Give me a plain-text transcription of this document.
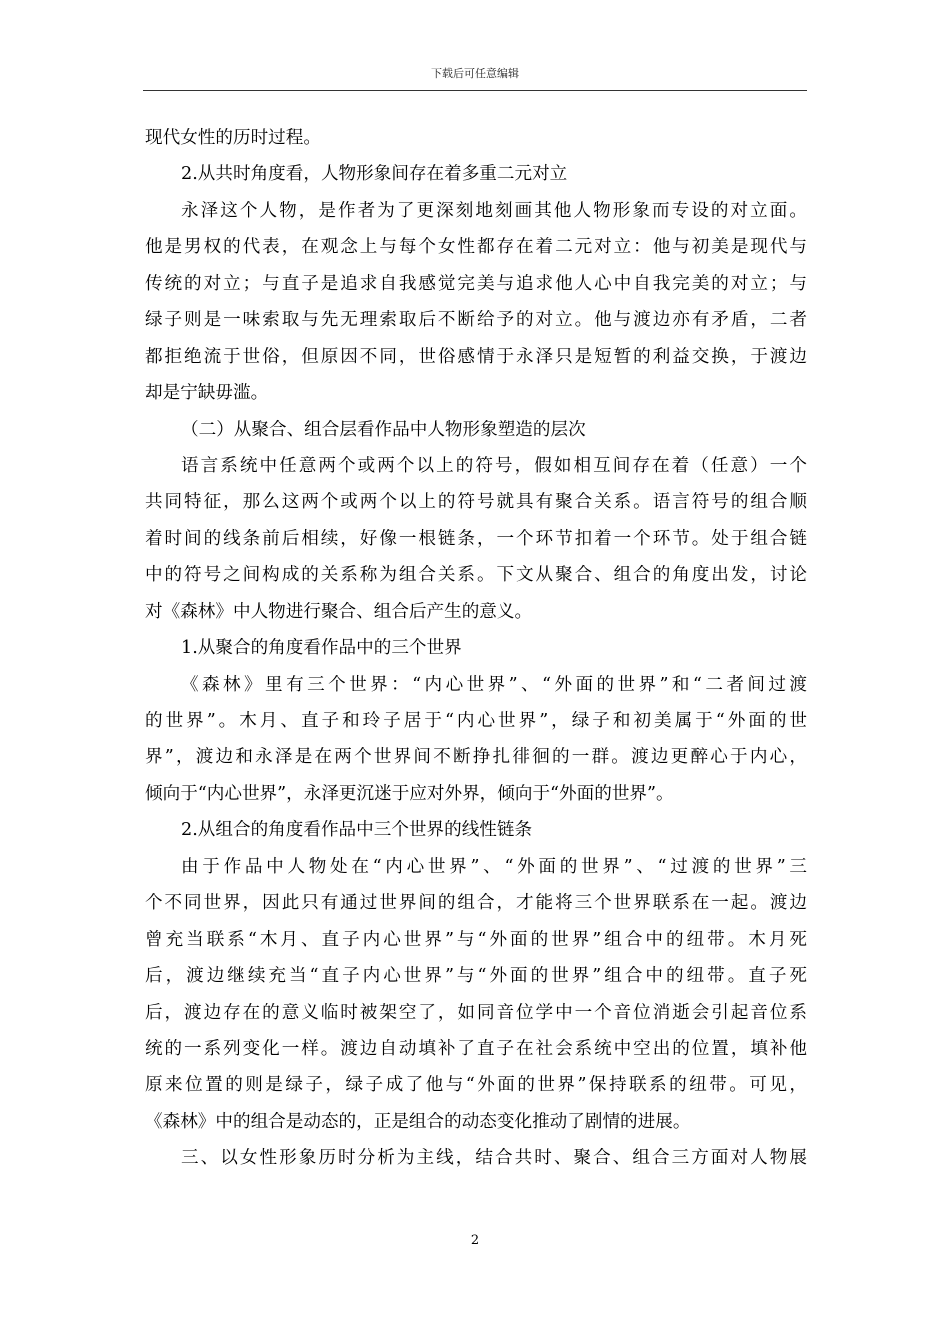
下载后可任意编辑
现代女性的历时过程。
2.从共时角度看，人物形象间存在着多重二元对立
永泽这个人物，是作者为了更深刻地刻画其他人物形象而专设的对立面。
他是男权的代表，在观念上与每个女性都存在着二元对立：他与初美是现代与
传统的对立；与直子是追求自我感觉完美与追求他人心中自我完美的对立；与
绿子则是一味索取与先无理索取后不断给予的对立。他与渡边亦有矛盾，二者
都拒绝流于世俗，但原因不同，世俗感情于永泽只是短暂的利益交换，于渡边
却是宁缺毋滥。
（二）从聚合、组合层看作品中人物形象塑造的层次
语言系统中任意两个或两个以上的符号，假如相互间存在着（任意）一个
共同特征，那么这两个或两个以上的符号就具有聚合关系。语言符号的组合顺
着时间的线条前后相续，好像一根链条，一个环节扣着一个环节。处于组合链
中的符号之间构成的关系称为组合关系。下文从聚合、组合的角度出发，讨论
对《森林》中人物进行聚合、组合后产生的意义。
1.从聚合的角度看作品中的三个世界
《森林》里有三个世界：“内心世界”、“外面的世界”和“二者间过渡
的世界”。木月、直子和玲子居于“内心世界”，绿子和初美属于“外面的世
界”，渡边和永泽是在两个世界间不断挣扎徘徊的一群。渡边更醉心于内心，
倾向于“内心世界”，永泽更沉迷于应对外界，倾向于“外面的世界”。
2.从组合的角度看作品中三个世界的线性链条
由于作品中人物处在“内心世界”、“外面的世界”、“过渡的世界”三
个不同世界，因此只有通过世界间的组合，才能将三个世界联系在一起。渡边
曾充当联系“木月、直子内心世界”与“外面的世界”组合中的纽带。木月死
后，渡边继续充当“直子内心世界”与“外面的世界”组合中的纽带。直子死
后，渡边存在的意义临时被架空了，如同音位学中一个音位消逝会引起音位系
统的一系列变化一样。渡边自动填补了直子在社会系统中空出的位置，填补他
原来位置的则是绿子，绿子成了他与“外面的世界”保持联系的纽带。可见，
《森林》中的组合是动态的，正是组合的动态变化推动了剧情的进展。
三、以女性形象历时分析为主线，结合共时、聚合、组合三方面对人物展
2
